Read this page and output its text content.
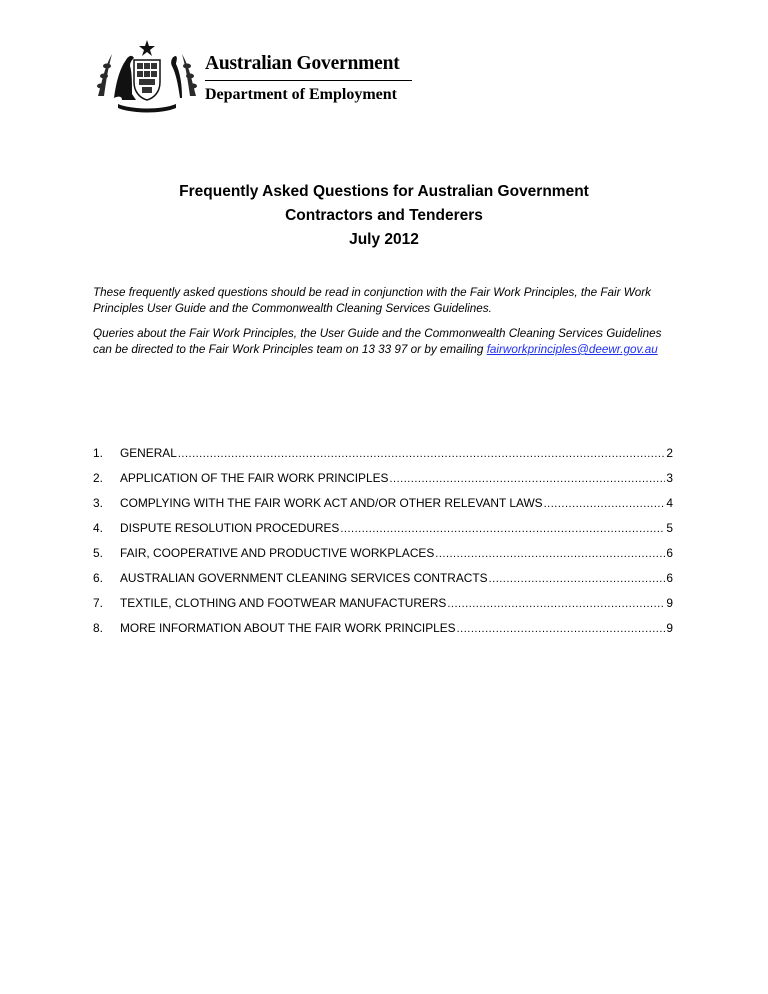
Australian Government
Department of Employment
Frequently Asked Questions for Australian Government
Contractors and Tenderers
July 2012

These frequently asked questions should be read in conjunction with the Fair Work Principles, the Fair Work Principles User Guide and the Commonwealth Cleaning Services Guidelines.

Queries about the Fair Work Principles, the User Guide and the Commonwealth Cleaning Services Guidelines can be directed to the Fair Work Principles team on 13 33 97 or by emailing fairworkprinciples@deewr.gov.au

1.	GENERAL .....	2
2.	APPLICATION OF THE FAIR WORK PRINCIPLES .....	3
3.	COMPLYING WITH THE FAIR WORK ACT AND/OR OTHER RELEVANT LAWS .....	4
4.	DISPUTE RESOLUTION PROCEDURES .....	5
5.	FAIR, COOPERATIVE AND PRODUCTIVE WORKPLACES .....	6
6.	AUSTRALIAN GOVERNMENT CLEANING SERVICES CONTRACTS .....	6
7.	TEXTILE, CLOTHING AND FOOTWEAR MANUFACTURERS .....	9
8.	MORE INFORMATION ABOUT THE FAIR WORK PRINCIPLES .....	9
